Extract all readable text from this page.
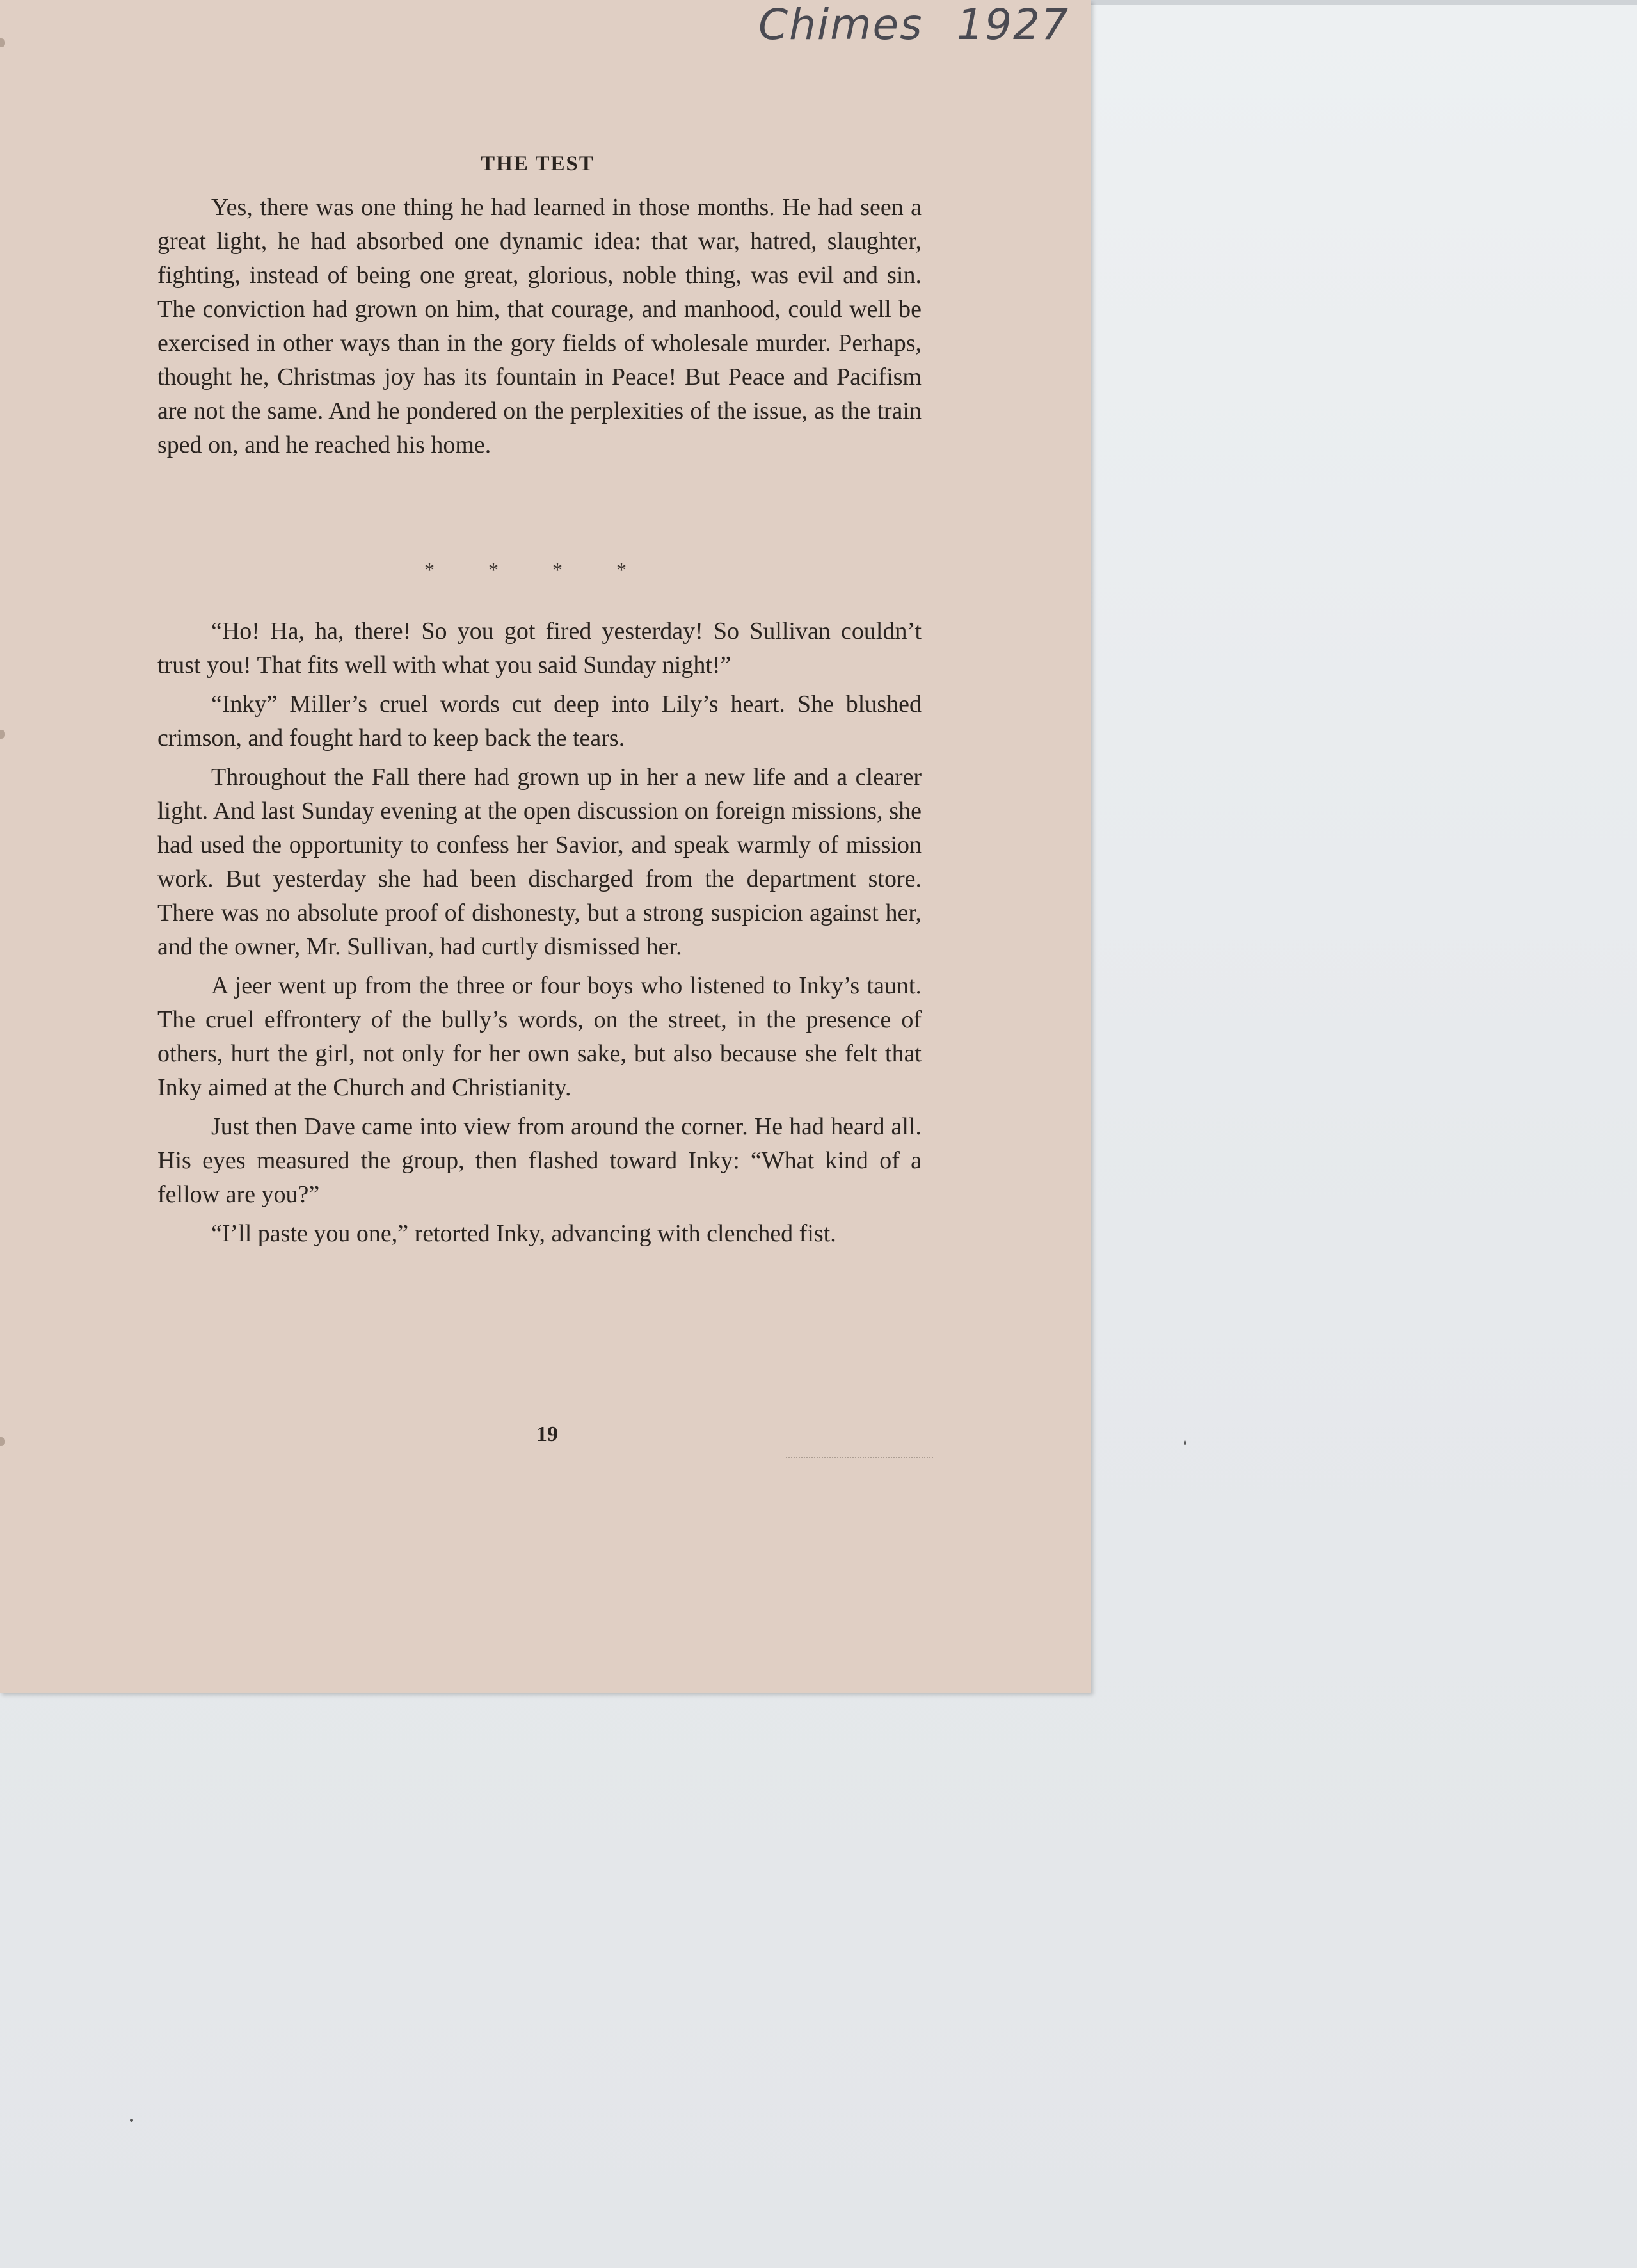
Chimes 1927
THE TEST

Yes, there was one thing he had learned in those months. He had seen a great light, he had absorbed one dynamic idea: that war, hatred, slaughter, fighting, instead of being one great, glorious, noble thing, was evil and sin. The conviction had grown on him, that courage, and manhood, could well be exercised in other ways than in the gory fields of wholesale murder. Perhaps, thought he, Christmas joy has its fountain in Peace! But Peace and Pacifism are not the same. And he pondered on the perplexities of the issue, as the train sped on, and he reached his home.

* * * *

“Ho! Ha, ha, there! So you got fired yesterday! So Sullivan couldn’t trust you! That fits well with what you said Sunday night!”

“Inky” Miller’s cruel words cut deep into Lily’s heart. She blushed crimson, and fought hard to keep back the tears.

Throughout the Fall there had grown up in her a new life and a clearer light. And last Sunday evening at the open discussion on foreign missions, she had used the opportunity to confess her Savior, and speak warmly of mission work. But yesterday she had been discharged from the department store. There was no absolute proof of dishonesty, but a strong suspicion against her, and the owner, Mr. Sullivan, had curtly dismissed her.

A jeer went up from the three or four boys who listened to Inky’s taunt. The cruel effrontery of the bully’s words, on the street, in the presence of others, hurt the girl, not only for her own sake, but also because she felt that Inky aimed at the Church and Christianity.

Just then Dave came into view from around the corner. He had heard all. His eyes measured the group, then flashed toward Inky: “What kind of a fellow are you?”

“I’ll paste you one,” retorted Inky, advancing with clenched fist.

19
